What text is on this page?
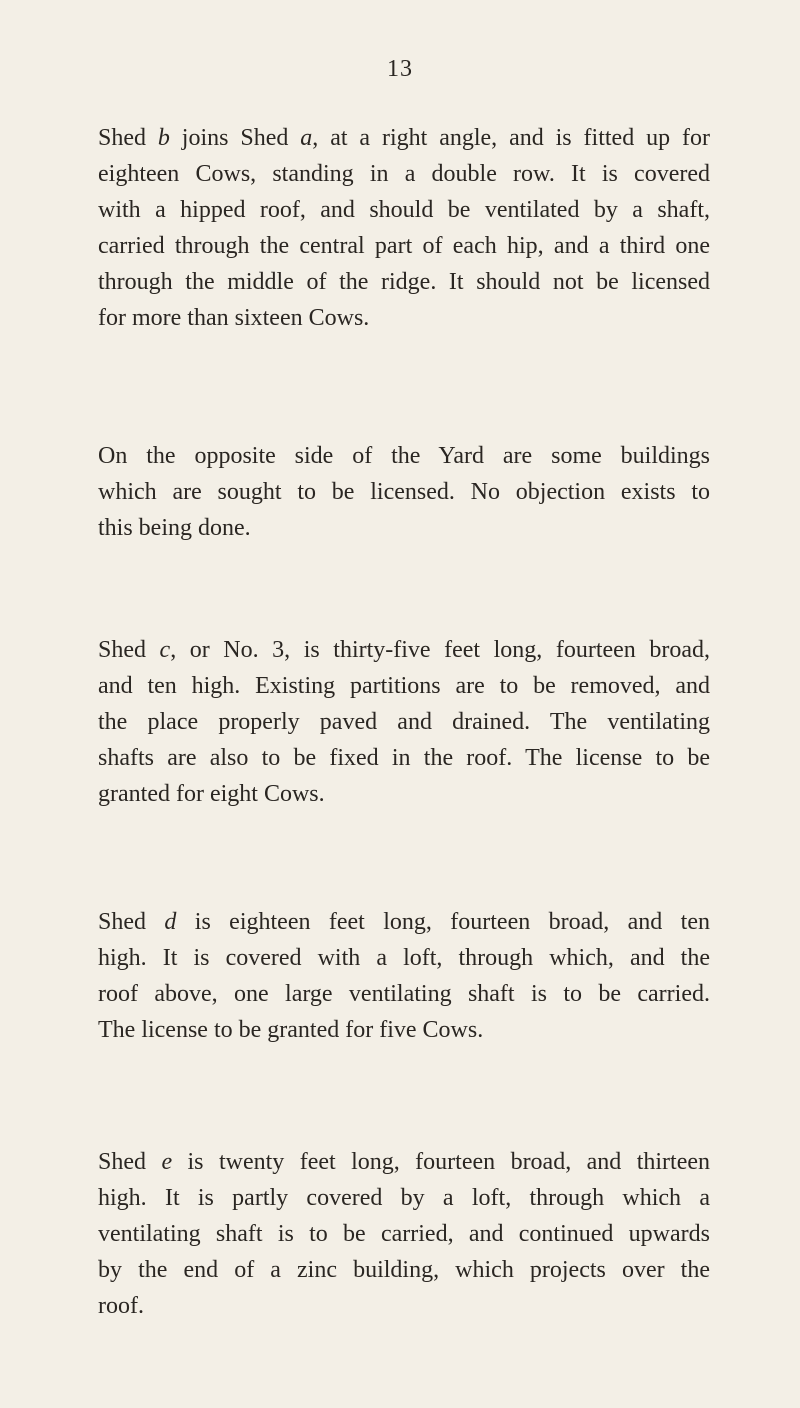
13
Shed b joins Shed a, at a right angle, and is fitted up for
eighteen Cows, standing in a double row. It is covered
with a hipped roof, and should be ventilated by a shaft,
carried through the central part of each hip, and a third one
through the middle of the ridge. It should not be licensed
for more than sixteen Cows.
On the opposite side of the Yard are some buildings
which are sought to be licensed. No objection exists to
this being done.
Shed c, or No. 3, is thirty-five feet long, fourteen broad,
and ten high. Existing partitions are to be removed, and
the place properly paved and drained. The ventilating
shafts are also to be fixed in the roof. The license to be
granted for eight Cows.
Shed d is eighteen feet long, fourteen broad, and ten
high. It is covered with a loft, through which, and the
roof above, one large ventilating shaft is to be carried.
The license to be granted for five Cows.
Shed e is twenty feet long, fourteen broad, and thirteen
high. It is partly covered by a loft, through which a
ventilating shaft is to be carried, and continued upwards
by the end of a zinc building, which projects over the
roof.
